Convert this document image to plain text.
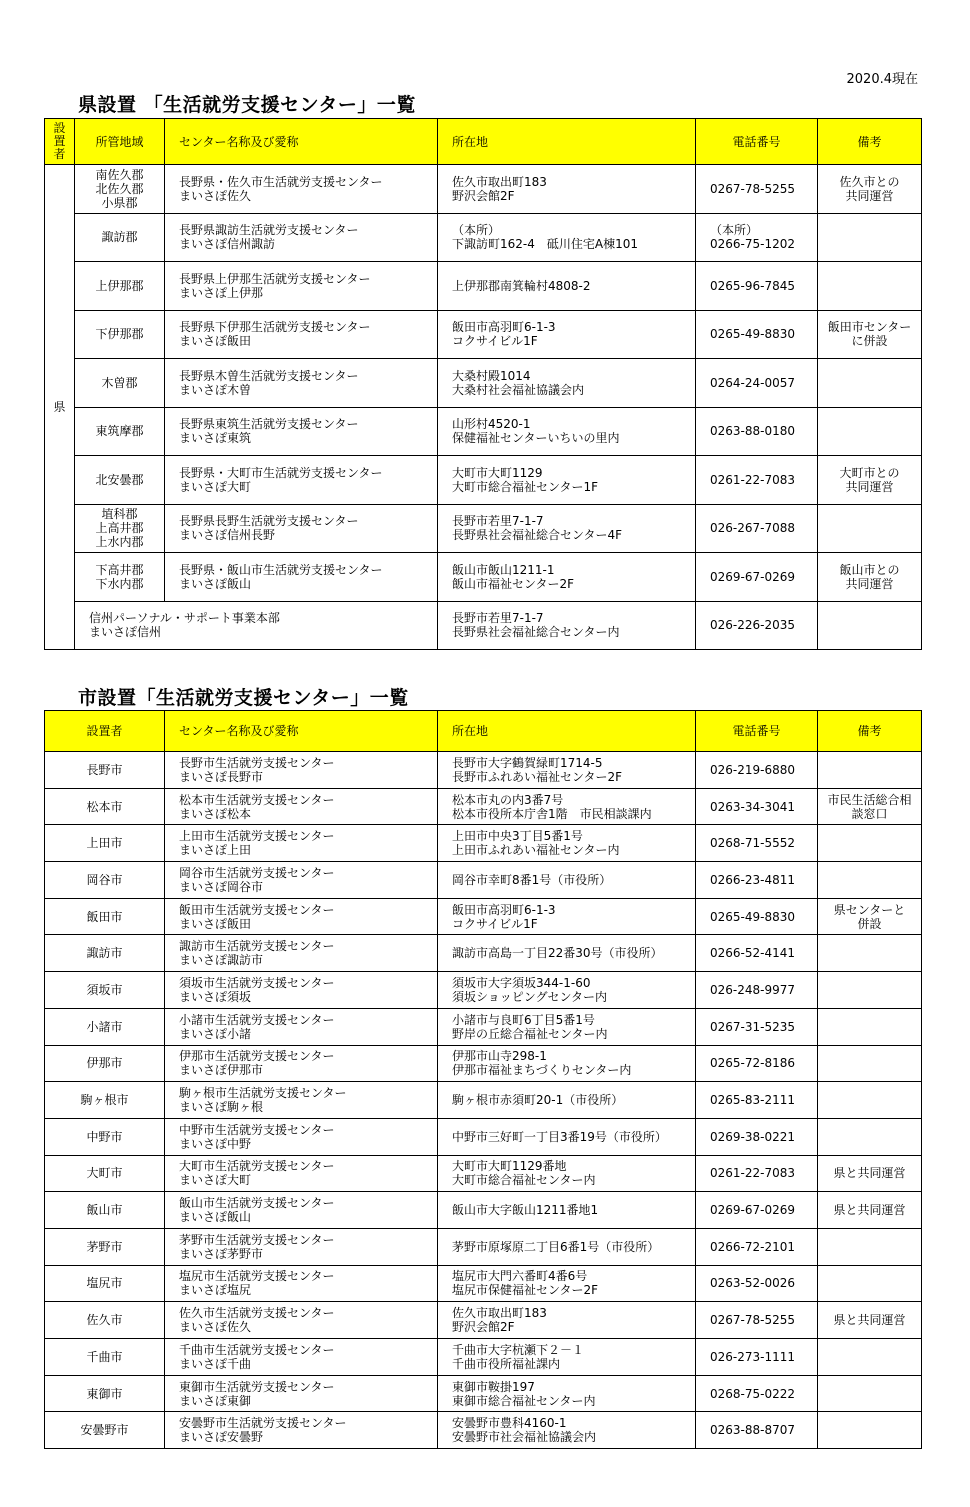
2020.4現在
県設置 「生活就労支援センター」一覧
設
置
者	所管地域	センター名称及び愛称	所在地	電話番号	備考
県	南佐久郡
北佐久郡
小県郡	長野県・佐久市生活就労支援センター
まいさぽ佐久	佐久市取出町183
野沢会館2F	0267-78-5255	佐久市との
共同運営
	諏訪郡	長野県諏訪生活就労支援センター
まいさぽ信州諏訪	（本所）
下諏訪町162-4　砥川住宅A棟101	（本所）
0266-75-1202	
	上伊那郡	長野県上伊那生活就労支援センター
まいさぽ上伊那	上伊那郡南箕輪村4808-2	0265-96-7845	
	下伊那郡	長野県下伊那生活就労支援センター
まいさぽ飯田	飯田市高羽町6-1-3
コクサイビル1F	0265-49-8830	飯田市センター
に併設
	木曽郡	長野県木曽生活就労支援センター
まいさぽ木曽	大桑村殿1014
大桑村社会福祉協議会内	0264-24-0057	
	東筑摩郡	長野県東筑生活就労支援センター
まいさぽ東筑	山形村4520-1
保健福祉センターいちいの里内	0263-88-0180	
	北安曇郡	長野県・大町市生活就労支援センター
まいさぽ大町	大町市大町1129
大町市総合福祉センター1F	0261-22-7083	大町市との
共同運営
	埴科郡
上高井郡
上水内郡	長野県長野生活就労支援センター
まいさぽ信州長野	長野市若里7-1-7
長野県社会福祉総合センター4F	026-267-7088	
	下高井郡
下水内郡	長野県・飯山市生活就労支援センター
まいさぽ飯山	飯山市飯山1211-1
飯山市福祉センター2F	0269-67-0269	飯山市との
共同運営
	信州パーソナル・サポート事業本部
まいさぽ信州		長野市若里7-1-7
長野県社会福祉総合センター内	026-226-2035	
市設置「生活就労支援センター」一覧
設置者	センター名称及び愛称	所在地	電話番号	備考
長野市	長野市生活就労支援センター
まいさぽ長野市	長野市大字鶴賀緑町1714-5
長野市ふれあい福祉センター2F	026-219-6880	
松本市	松本市生活就労支援センター
まいさぽ松本	松本市丸の内3番7号
松本市役所本庁舎1階　市民相談課内	0263-34-3041	市民生活総合相
談窓口
上田市	上田市生活就労支援センター
まいさぽ上田	上田市中央3丁目5番1号
上田市ふれあい福祉センター内	0268-71-5552	
岡谷市	岡谷市生活就労支援センター
まいさぽ岡谷市	岡谷市幸町8番1号（市役所）	0266-23-4811	
飯田市	飯田市生活就労支援センター
まいさぽ飯田	飯田市高羽町6-1-3
コクサイビル1F	0265-49-8830	県センターと
併設
諏訪市	諏訪市生活就労支援センター
まいさぽ諏訪市	諏訪市高島一丁目22番30号（市役所）	0266-52-4141	
須坂市	須坂市生活就労支援センター
まいさぽ須坂	須坂市大字須坂344-1-60
須坂ショッピングセンター内	026-248-9977	
小諸市	小諸市生活就労支援センター
まいさぽ小諸	小諸市与良町6丁目5番1号
野岸の丘総合福祉センター内	0267-31-5235	
伊那市	伊那市生活就労支援センター
まいさぽ伊那市	伊那市山寺298-1
伊那市福祉まちづくりセンター内	0265-72-8186	
駒ヶ根市	駒ヶ根市生活就労支援センター
まいさぽ駒ヶ根	駒ヶ根市赤須町20-1（市役所）	0265-83-2111	
中野市	中野市生活就労支援センター
まいさぽ中野	中野市三好町一丁目3番19号（市役所）	0269-38-0221	
大町市	大町市生活就労支援センター
まいさぽ大町	大町市大町1129番地
大町市総合福祉センター内	0261-22-7083	県と共同運営
飯山市	飯山市生活就労支援センター
まいさぽ飯山	飯山市大字飯山1211番地1	0269-67-0269	県と共同運営
茅野市	茅野市生活就労支援センター
まいさぽ茅野市	茅野市原塚原二丁目6番1号（市役所）	0266-72-2101	
塩尻市	塩尻市生活就労支援センター
まいさぽ塩尻	塩尻市大門六番町4番6号
塩尻市保健福祉センター2F	0263-52-0026	
佐久市	佐久市生活就労支援センター
まいさぽ佐久	佐久市取出町183
野沢会館2F	0267-78-5255	県と共同運営
千曲市	千曲市生活就労支援センター
まいさぽ千曲	千曲市大字杭瀬下２－１
千曲市役所福祉課内	026-273-1111	
東御市	東御市生活就労支援センター
まいさぽ東御	東御市鞍掛197
東御市総合福祉センター内	0268-75-0222	
安曇野市	安曇野市生活就労支援センター
まいさぽ安曇野	安曇野市豊科4160-1
安曇野市社会福祉協議会内	0263-88-8707	
